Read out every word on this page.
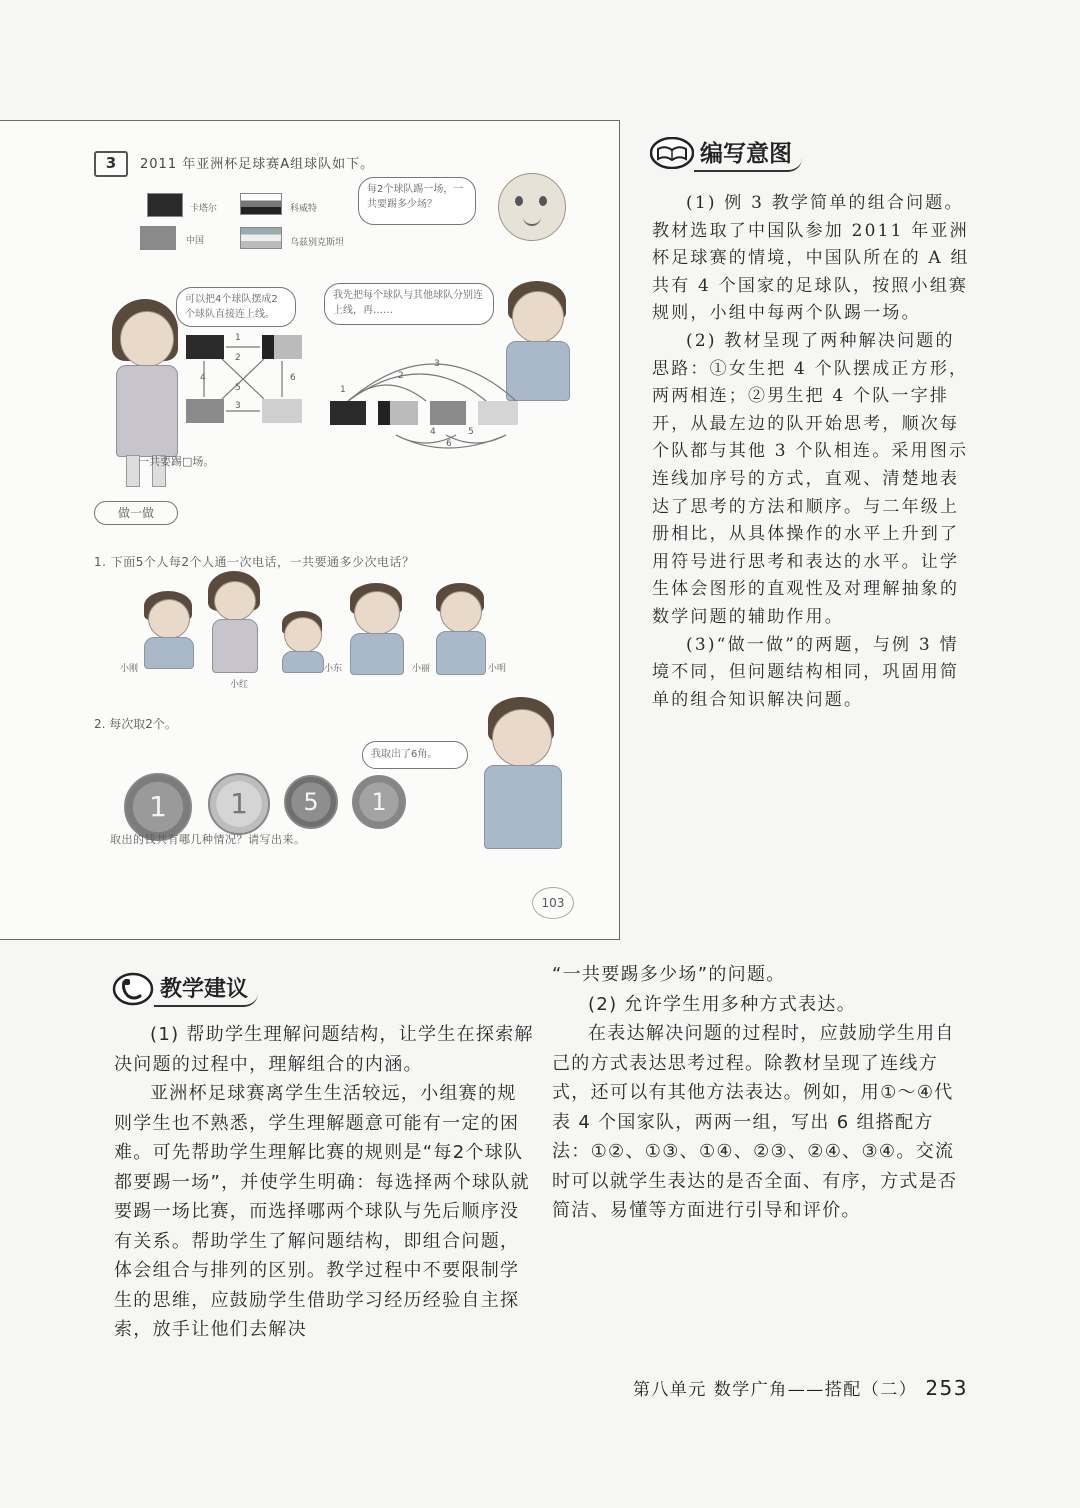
3	2011 年亚洲杯足球赛A组球队如下。
卡塔尔	科威特
中国	乌兹别克斯坦
每2个球队踢一场，一共要踢多少场？
可以把4个球队摆成2个球队直接连上线。
1
2
4
5
3
6
我先把每个球队与其他球队分别连上线，再……
1
2
3
4	5
6
一共要踢□场。
做一做
1. 下面5个人每2个人通一次电话，一共要通多少次电话？
小刚
小红
小东	小丽	小明
2. 每次取2个。
我取出了6角。
1	1	5	1
取出的钱共有哪几种情况？请写出来。
103
编写意图

(1) 例 3 教学简单的组合问题。教材选取了中国队参加 2011 年亚洲杯足球赛的情境，中国队所在的 A 组共有 4 个国家的足球队，按照小组赛规则，小组中每两个队踢一场。

(2) 教材呈现了两种解决问题的思路：①女生把 4 个队摆成正方形，两两相连；②男生把 4 个队一字排开，从最左边的队开始思考，顺次每个队都与其他 3 个队相连。采用图示连线加序号的方式，直观、清楚地表达了思考的方法和顺序。与二年级上册相比，从具体操作的水平上升到了用符号进行思考和表达的水平。让学生体会图形的直观性及对理解抽象的数学问题的辅助作用。

(3)“做一做”的两题，与例 3 情境不同，但问题结构相同，巩固用简单的组合知识解决问题。

教学建议

(1) 帮助学生理解问题结构，让学生在探索解决问题的过程中，理解组合的内涵。

亚洲杯足球赛离学生生活较远，小组赛的规则学生也不熟悉，学生理解题意可能有一定的困难。可先帮助学生理解比赛的规则是“每2个球队都要踢一场”，并使学生明确：每选择两个球队就要踢一场比赛，而选择哪两个球队与先后顺序没有关系。帮助学生了解问题结构，即组合问题，体会组合与排列的区别。教学过程中不要限制学生的思维，应鼓励学生借助学习经历经验自主探索，放手让他们去解决

“一共要踢多少场”的问题。

(2) 允许学生用多种方式表达。

在表达解决问题的过程时，应鼓励学生用自己的方式表达思考过程。除教材呈现了连线方式，还可以有其他方法表达。例如，用①～④代表 4 个国家队，两两一组，写出 6 组搭配方法：①②、①③、①④、②③、②④、③④。交流时可以就学生表达的是否全面、有序，方式是否简洁、易懂等方面进行引导和评价。

第八单元 数学广角——搭配（二） 253
